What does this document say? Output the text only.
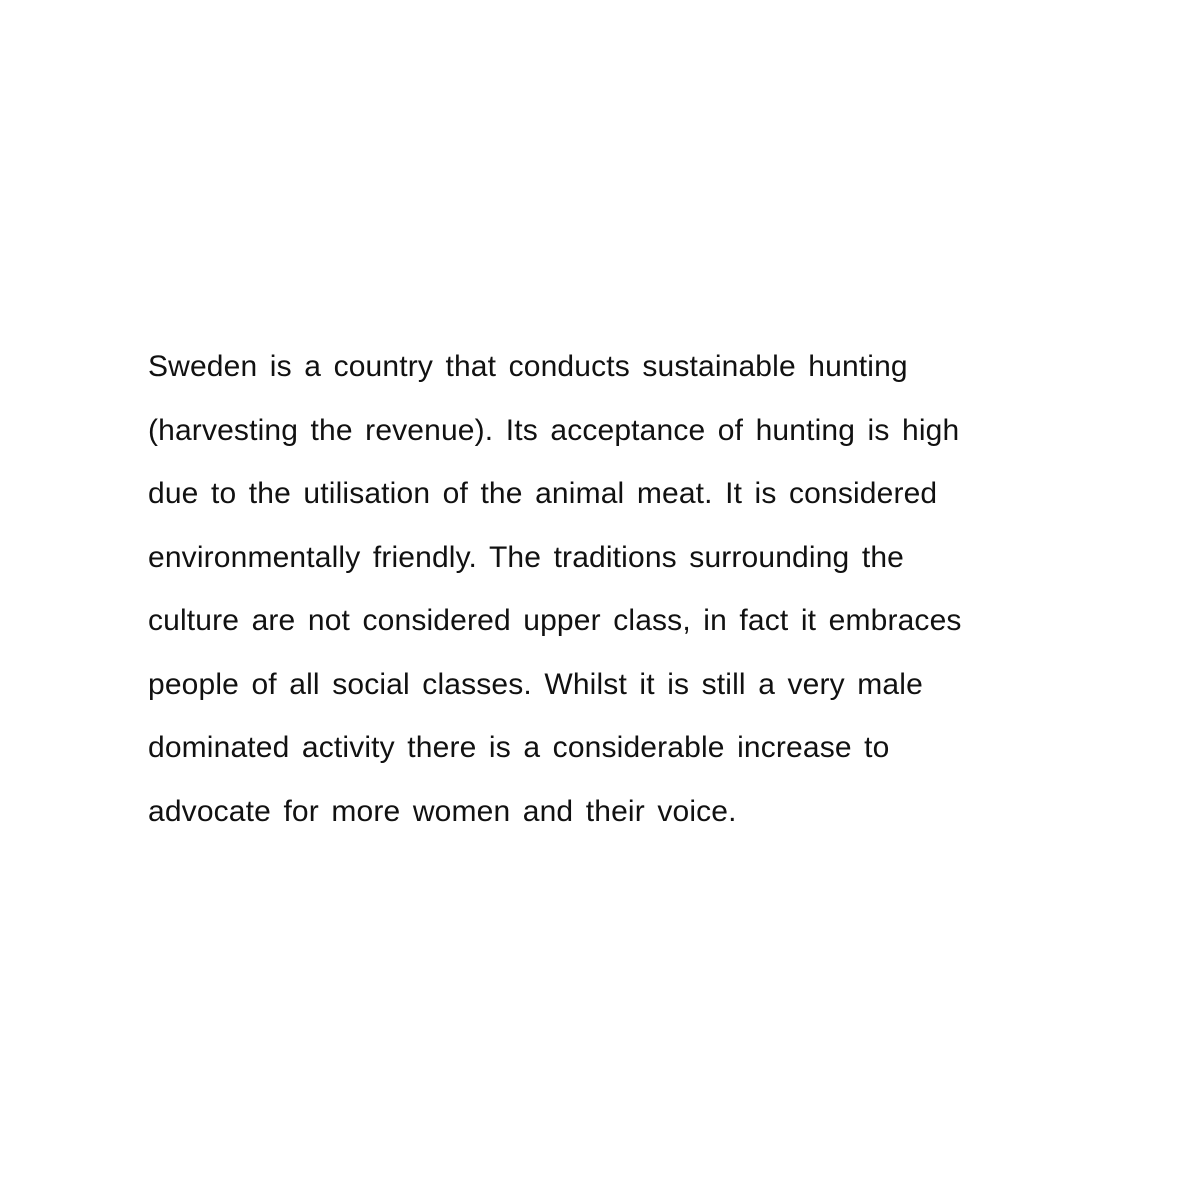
Sweden is a country that conducts sustainable hunting
(harvesting the revenue). Its acceptance of hunting is high
due to the utilisation of the animal meat. It is considered
environmentally friendly. The traditions surrounding the
culture are not considered upper class, in fact it embraces
people of all social classes. Whilst it is still a very male
dominated activity there is a considerable increase to
advocate for more women and their voice.
